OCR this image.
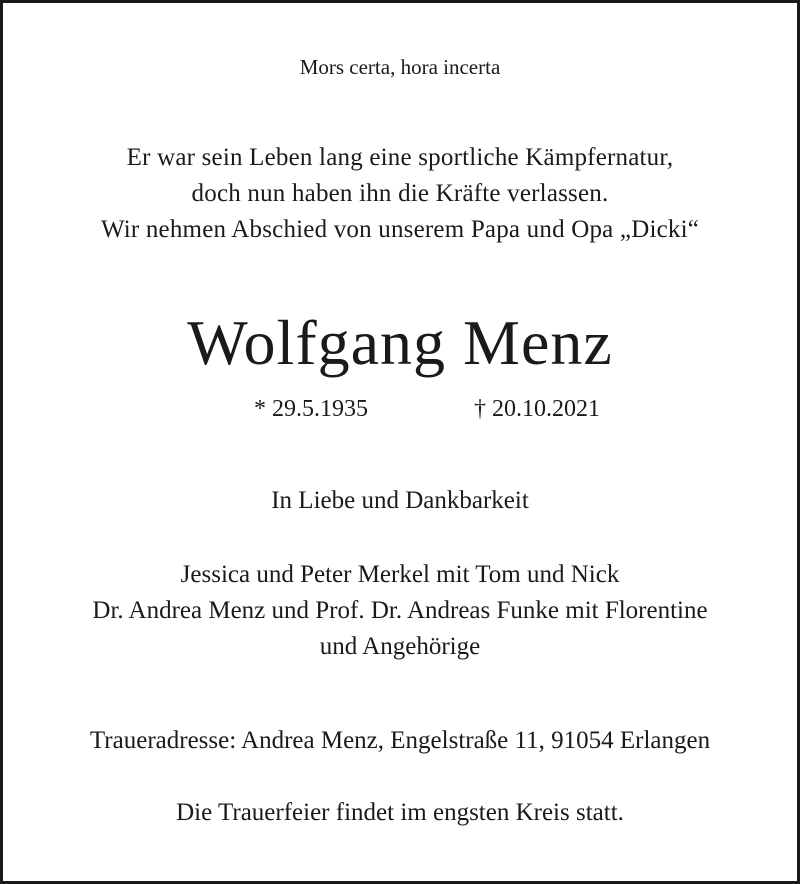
Mors certa, hora incerta
Er war sein Leben lang eine sportliche Kämpfernatur,
doch nun haben ihn die Kräfte verlassen.
Wir nehmen Abschied von unserem Papa und Opa „Dicki“
Wolfgang Menz
* 29.5.1935	† 20.10.2021
In Liebe und Dankbarkeit
Jessica und Peter Merkel mit Tom und Nick
Dr. Andrea Menz und Prof. Dr. Andreas Funke mit Florentine
und Angehörige
Traueradresse: Andrea Menz, Engelstraße 11, 91054 Erlangen
Die Trauerfeier findet im engsten Kreis statt.
